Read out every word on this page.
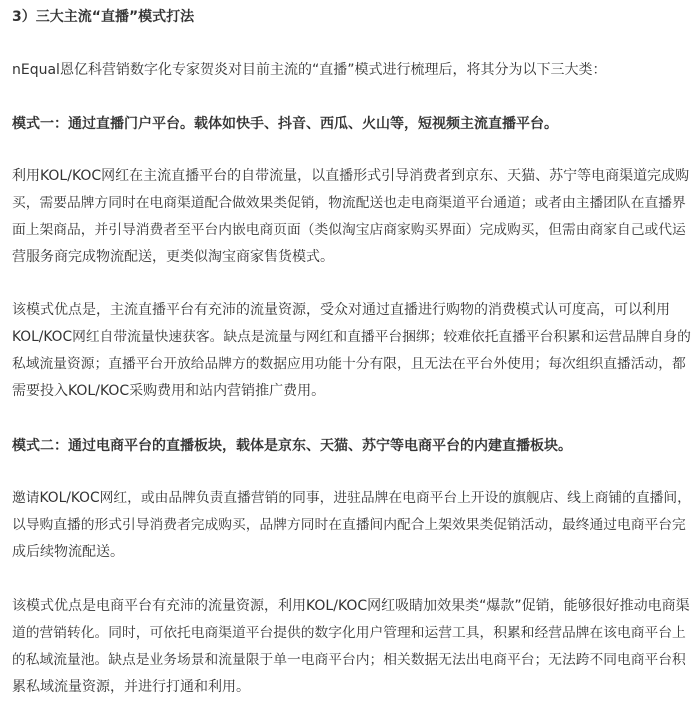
3）三大主流“直播”模式打法
nEqual恩亿科营销数字化专家贺炎对目前主流的“直播”模式进行梳理后，将其分为以下三大类：
模式一：通过直播门户平台。载体如快手、抖音、西瓜、火山等，短视频主流直播平台。
利用KOL/KOC网红在主流直播平台的自带流量，以直播形式引导消费者到京东、天猫、苏宁等电商渠道完成购
买，需要品牌方同时在电商渠道配合做效果类促销，物流配送也走电商渠道平台通道；或者由主播团队在直播界
面上架商品，并引导消费者至平台内嵌电商页面（类似淘宝店商家购买界面）完成购买，但需由商家自己或代运
营服务商完成物流配送，更类似淘宝商家售货模式。
该模式优点是，主流直播平台有充沛的流量资源，受众对通过直播进行购物的消费模式认可度高，可以利用
KOL/KOC网红自带流量快速获客。缺点是流量与网红和直播平台捆绑；较难依托直播平台积累和运营品牌自身的
私域流量资源；直播平台开放给品牌方的数据应用功能十分有限，且无法在平台外使用；每次组织直播活动，都
需要投入KOL/KOC采购费用和站内营销推广费用。
模式二：通过电商平台的直播板块，载体是京东、天猫、苏宁等电商平台的内建直播板块。
邀请KOL/KOC网红，或由品牌负责直播营销的同事，进驻品牌在电商平台上开设的旗舰店、线上商铺的直播间，
以导购直播的形式引导消费者完成购买，品牌方同时在直播间内配合上架效果类促销活动，最终通过电商平台完
成后续物流配送。
该模式优点是电商平台有充沛的流量资源，利用KOL/KOC网红吸睛加效果类“爆款”促销，能够很好推动电商渠
道的营销转化。同时，可依托电商渠道平台提供的数字化用户管理和运营工具，积累和经营品牌在该电商平台上
的私域流量池。缺点是业务场景和流量限于单一电商平台内；相关数据无法出电商平台；无法跨不同电商平台积
累私域流量资源，并进行打通和利用。
